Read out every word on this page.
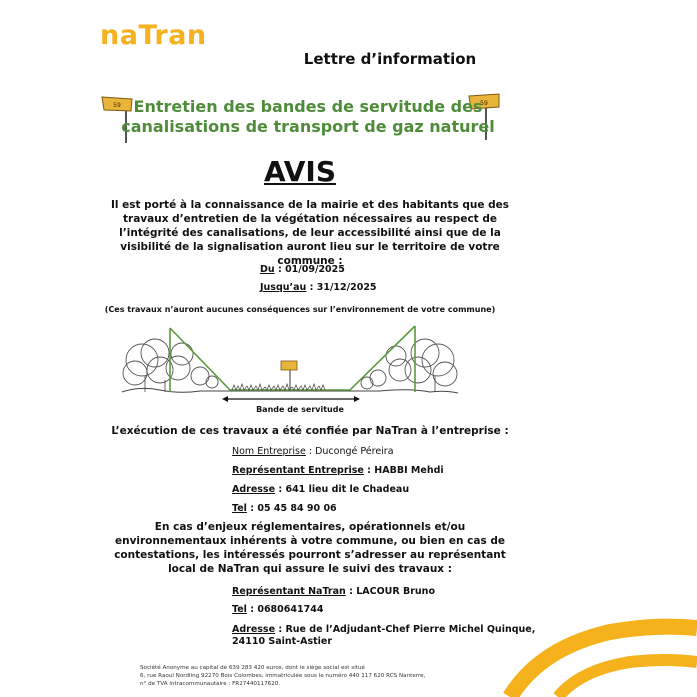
naTran
Lettre d’information
59	59
Entretien des bandes de servitude des
canalisations de transport de gaz naturel
AVIS
Il est porté à la connaissance de la mairie et des habitants que des travaux d’entretien de la végétation nécessaires au respect de l’intégrité des canalisations, de leur accessibilité ainsi que de la visibilité de la signalisation auront lieu sur le territoire de votre commune :
Du : 01/09/2025
Jusqu’au : 31/12/2025
(Ces travaux n’auront aucunes conséquences sur l’environnement de votre commune)
Bande de servitude
L’exécution de ces travaux a été confiée par NaTran à l’entreprise :
Nom Entreprise : Ducongé Péreira
Représentant Entreprise : HABBI Mehdi
Adresse : 641 lieu dit le Chadeau
Tel : 05 45 84 90 06
En cas d’enjeux réglementaires, opérationnels et/ou environnementaux inhérents à votre commune, ou bien en cas de contestations, les intéressés pourront s’adresser au représentant local de NaTran qui assure le suivi des travaux :
Représentant NaTran : LACOUR Bruno
Tel : 0680641744
Adresse : Rue de l’Adjudant-Chef Pierre Michel Quinque,
24110 Saint-Astier
Société Anonyme au capital de 639 283 420 euros, dont le siège social est situé
6, rue Raoul Nordling 92270 Bois Colombes, immatriculée sous le numéro 440 117 620 RCS Nanterre,
n° de TVA intracommunautaire : FR27440117620.
